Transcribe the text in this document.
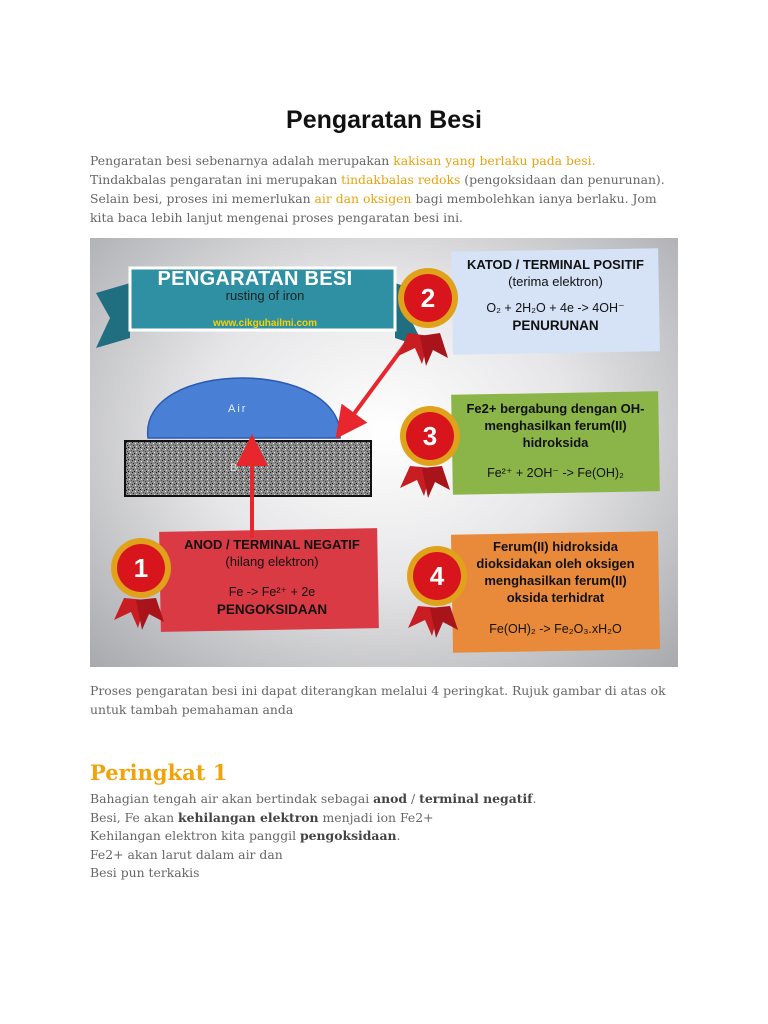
Pengaratan Besi
Pengaratan besi sebenarnya adalah merupakan kakisan yang berlaku pada besi. Tindakbalas pengaratan ini merupakan tindakbalas redoks (pengoksidaan dan penurunan). Selain besi, proses ini memerlukan air dan oksigen bagi membolehkan ianya berlaku. Jom kita baca lebih lanjut mengenai proses pengaratan besi ini.
PENGARATAN BESI
rusting of iron
www.cikguhailmi.com
Air
B
1
2
3
4
KATOD / TERMINAL POSITIF
(terima elektron)
O₂ + 2H₂O + 4e -> 4OH⁻
PENURUNAN
Fe2+ bergabung dengan OH-
menghasilkan ferum(II)
hidroksida
Fe²⁺ + 2OH⁻ -> Fe(OH)₂
ANOD / TERMINAL NEGATIF
(hilang elektron)
Fe -> Fe²⁺ + 2e
PENGOKSIDAAN
Ferum(II) hidroksida
dioksidakan oleh oksigen
menghasilkan ferum(II)
oksida terhidrat
Fe(OH)₂ -> Fe₂O₃.xH₂O
Proses pengaratan besi ini dapat diterangkan melalui 4 peringkat. Rujuk gambar di atas ok untuk tambah pemahaman anda
Peringkat 1
Bahagian tengah air akan bertindak sebagai anod / terminal negatif.
Besi, Fe akan kehilangan elektron menjadi ion Fe2+
Kehilangan elektron kita panggil pengoksidaan.
Fe2+ akan larut dalam air dan
Besi pun terkakis
